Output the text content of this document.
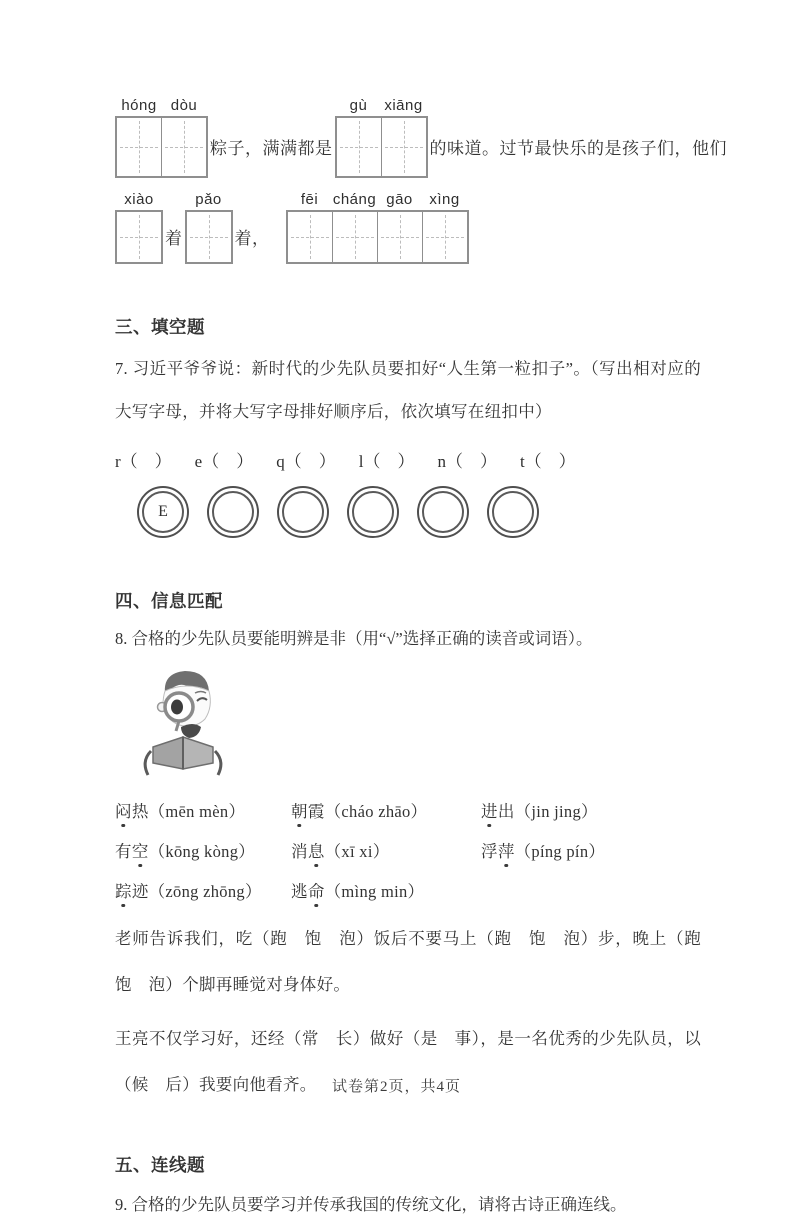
hóng dòu
粽子，满满都是
gù	xiāng
的味道。过节最快乐的是孩子们，他们
xiào
着
pǎo
着，
fēi cháng gāo	xìng
三、填空题
7. 习近平爷爷说：新时代的少先队员要扣好“人生第一粒扣子”。（写出相对应的大写字母，并将大写字母排好顺序后，依次填写在纽扣中）
r（　） e（　） q（　） l（　） n（　） t（　）
E
四、信息匹配
8. 合格的少先队员要能明辨是非（用“√”选择正确的读音或词语）。
闷热（mēn mèn）	朝霞（cháo zhāo）	进出（jin jing）
有空（kōng kòng）	消息（xī xi）	浮萍（píng pín）
踪迹（zōng zhōng）	逃命（mìng min）
老师告诉我们，吃（跑　饱　泡）饭后不要马上（跑　饱　泡）步，晚上（跑　饱　泡）个脚再睡觉对身体好。
王亮不仅学习好，还经（常　长）做好（是　事），是一名优秀的少先队员，以（候　后）我要向他看齐。
五、连线题
9. 合格的少先队员要学习并传承我国的传统文化，请将古诗正确连线。
试卷第2页，共4页
